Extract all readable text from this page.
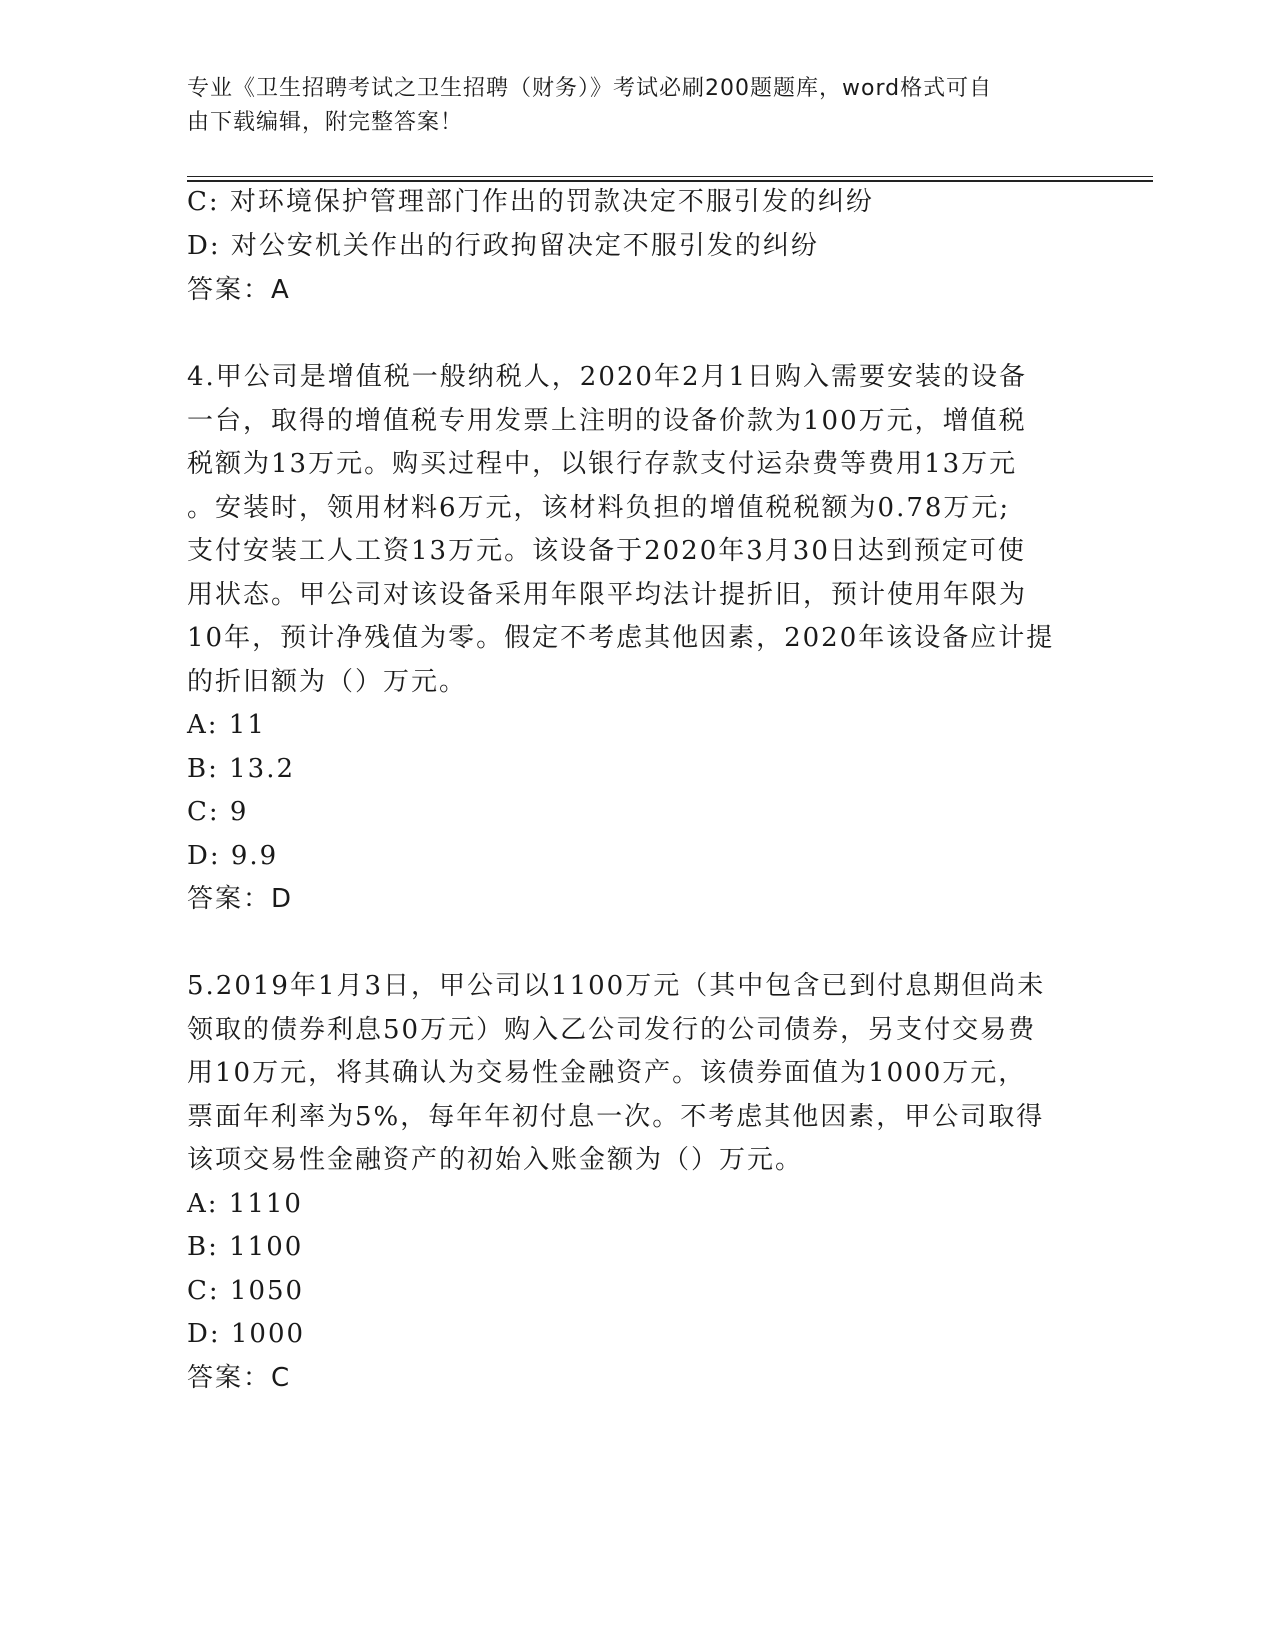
专业《卫生招聘考试之卫生招聘（财务）》考试必刷200题题库，word格式可自
由下载编辑，附完整答案！
C: 对环境保护管理部门作出的罚款决定不服引发的纠纷
D: 对公安机关作出的行政拘留决定不服引发的纠纷
答案：A
4.甲公司是增值税一般纳税人，2020年2月1日购入需要安装的设备
一台，取得的增值税专用发票上注明的设备价款为100万元，增值税
税额为13万元。购买过程中，以银行存款支付运杂费等费用13万元
。安装时，领用材料6万元，该材料负担的增值税税额为0.78万元;
支付安装工人工资13万元。该设备于2020年3月30日达到预定可使
用状态。甲公司对该设备采用年限平均法计提折旧，预计使用年限为
10年，预计净残值为零。假定不考虑其他因素，2020年该设备应计提
的折旧额为（）万元。
A: 11
B: 13.2
C: 9
D: 9.9
答案：D
5.2019年1月3日，甲公司以1100万元（其中包含已到付息期但尚未
领取的债券利息50万元）购入乙公司发行的公司债券，另支付交易费
用10万元，将其确认为交易性金融资产。该债券面值为1000万元，
票面年利率为5%，每年年初付息一次。不考虑其他因素，甲公司取得
该项交易性金融资产的初始入账金额为（）万元。
A: 1110
B: 1100
C: 1050
D: 1000
答案：C
